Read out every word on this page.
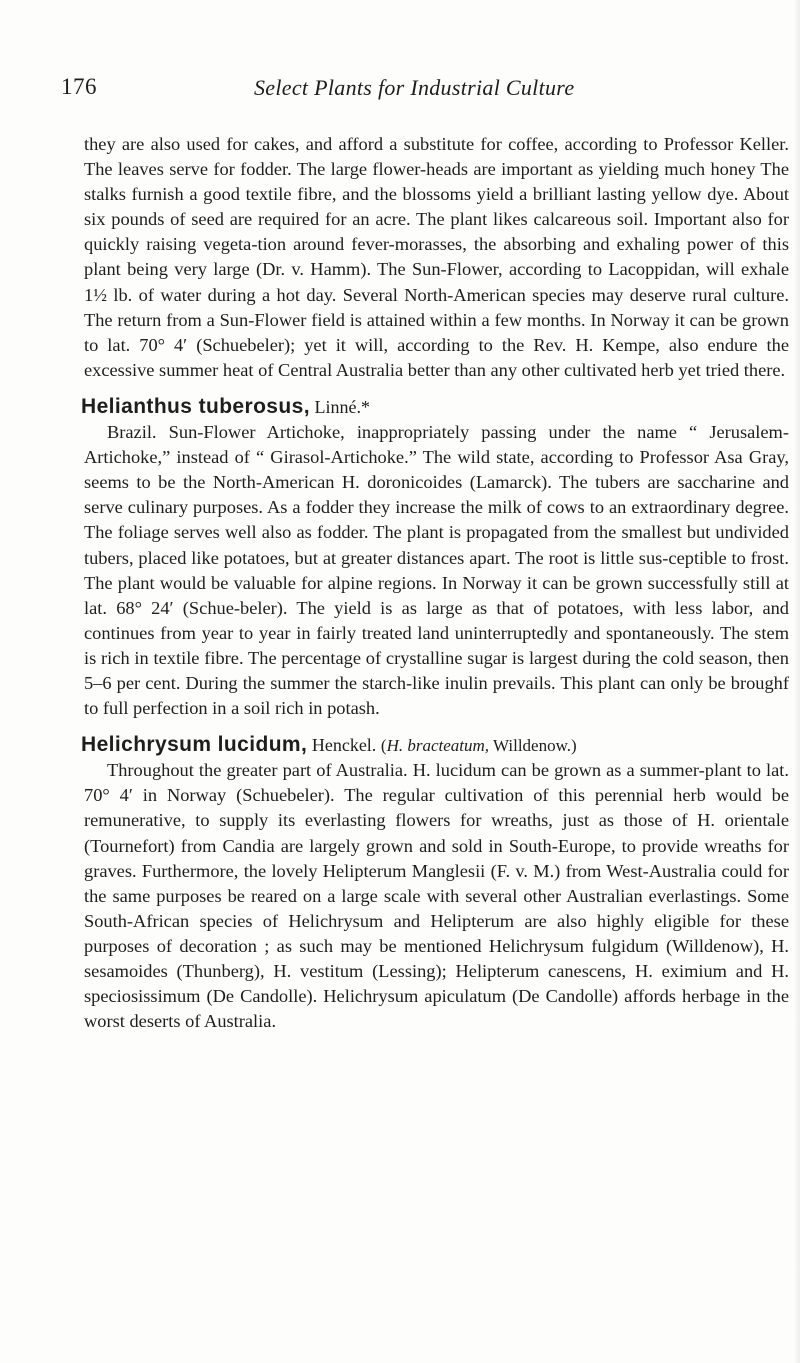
176	Select Plants for Industrial Culture

they are also used for cakes, and afford a substitute for coffee, according to Professor Keller. The leaves serve for fodder. The large flower-heads are important as yielding much honey The stalks furnish a good textile fibre, and the blossoms yield a brilliant lasting yellow dye. About six pounds of seed are required for an acre. The plant likes calcareous soil. Important also for quickly raising vegeta-tion around fever-morasses, the absorbing and exhaling power of this plant being very large (Dr. v. Hamm). The Sun-Flower, according to Lacoppidan, will exhale 1½ lb. of water during a hot day. Several North-American species may deserve rural culture. The return from a Sun-Flower field is attained within a few months. In Norway it can be grown to lat. 70° 4′ (Schuebeler); yet it will, according to the Rev. H. Kempe, also endure the excessive summer heat of Central Australia better than any other cultivated herb yet tried there.

Helianthus tuberosus, Linné.*

Brazil. Sun-Flower Artichoke, inappropriately passing under the name “ Jerusalem-Artichoke,” instead of “ Girasol-Artichoke.” The wild state, according to Professor Asa Gray, seems to be the North-American H. doronicoides (Lamarck). The tubers are saccharine and serve culinary purposes. As a fodder they increase the milk of cows to an extraordinary degree. The foliage serves well also as fodder. The plant is propagated from the smallest but undivided tubers, placed like potatoes, but at greater distances apart. The root is little sus-ceptible to frost. The plant would be valuable for alpine regions. In Norway it can be grown successfully still at lat. 68° 24′ (Schue-beler). The yield is as large as that of potatoes, with less labor, and continues from year to year in fairly treated land uninterruptedly and spontaneously. The stem is rich in textile fibre. The percentage of crystalline sugar is largest during the cold season, then 5–6 per cent. During the summer the starch-like inulin prevails. This plant can only be broughf to full perfection in a soil rich in potash.

Helichrysum lucidum, Henckel. (H. bracteatum, Willdenow.)

Throughout the greater part of Australia. H. lucidum can be grown as a summer-plant to lat. 70° 4′ in Norway (Schuebeler). The regular cultivation of this perennial herb would be remunerative, to supply its everlasting flowers for wreaths, just as those of H. orientale (Tournefort) from Candia are largely grown and sold in South-Europe, to provide wreaths for graves. Furthermore, the lovely Helipterum Manglesii (F. v. M.) from West-Australia could for the same purposes be reared on a large scale with several other Australian everlastings. Some South-African species of Helichrysum and Helipterum are also highly eligible for these purposes of decoration ; as such may be mentioned Helichrysum fulgidum (Willdenow), H. sesamoides (Thunberg), H. vestitum (Lessing); Helipterum canescens, H. eximium and H. speciosissimum (De Candolle). Helichrysum apiculatum (De Candolle) affords herbage in the worst deserts of Australia.
